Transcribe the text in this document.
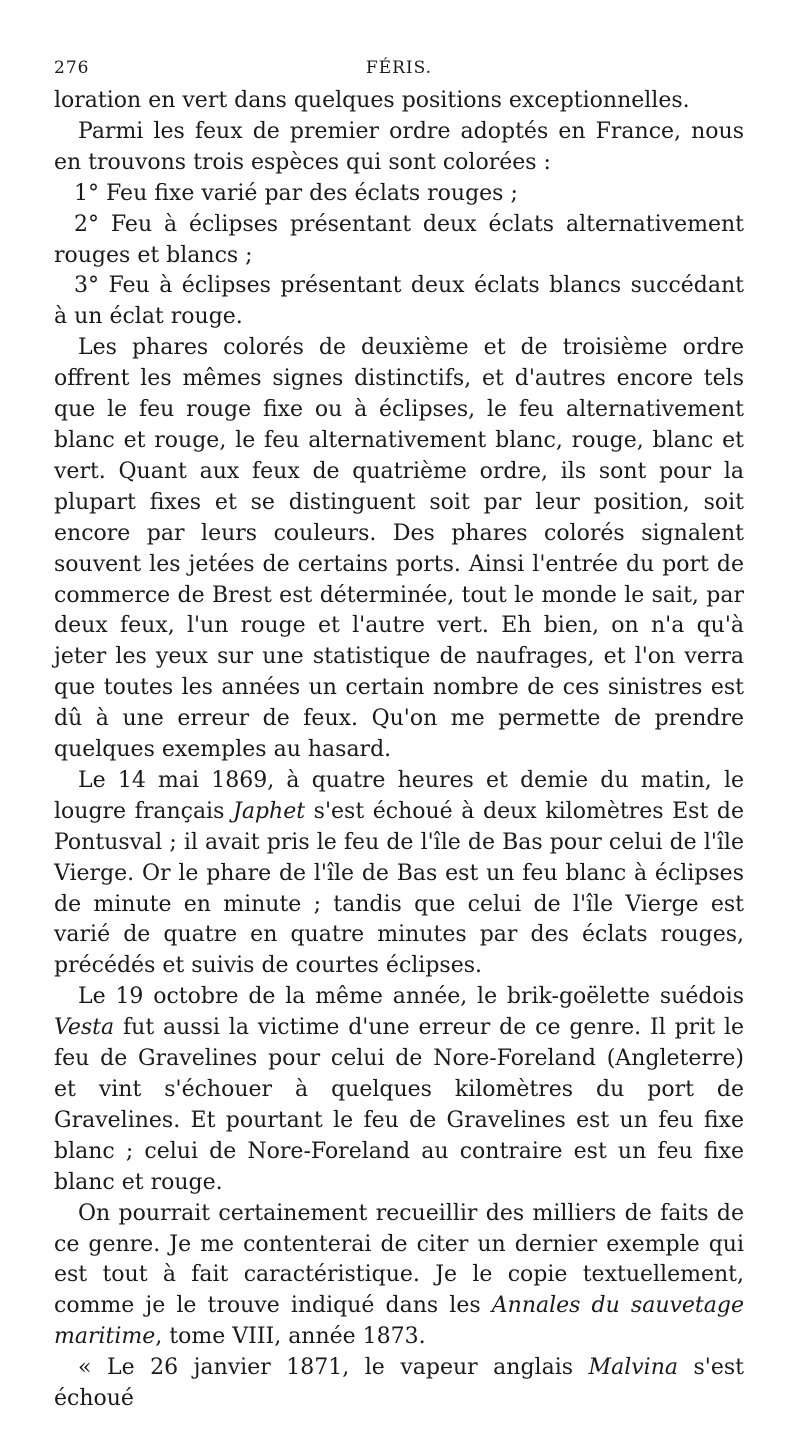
276	FÉRIS.

loration en vert dans quelques positions exceptionnelles.

Parmi les feux de premier ordre adoptés en France, nous en trouvons trois espèces qui sont colorées :

1° Feu fixe varié par des éclats rouges ;

2° Feu à éclipses présentant deux éclats alternativement rouges et blancs ;

3° Feu à éclipses présentant deux éclats blancs succédant à un éclat rouge.

Les phares colorés de deuxième et de troisième ordre offrent les mêmes signes distinctifs, et d'autres encore tels que le feu rouge fixe ou à éclipses, le feu alternativement blanc et rouge, le feu alternativement blanc, rouge, blanc et vert. Quant aux feux de quatrième ordre, ils sont pour la plupart fixes et se distinguent soit par leur position, soit encore par leurs couleurs. Des phares colorés signalent souvent les jetées de certains ports. Ainsi l'entrée du port de commerce de Brest est déterminée, tout le monde le sait, par deux feux, l'un rouge et l'autre vert. Eh bien, on n'a qu'à jeter les yeux sur une statistique de naufrages, et l'on verra que toutes les années un certain nombre de ces sinistres est dû à une erreur de feux. Qu'on me permette de prendre quelques exemples au hasard.

Le 14 mai 1869, à quatre heures et demie du matin, le lougre français Japhet s'est échoué à deux kilomètres Est de Pontusval ; il avait pris le feu de l'île de Bas pour celui de l'île Vierge. Or le phare de l'île de Bas est un feu blanc à éclipses de minute en minute ; tandis que celui de l'île Vierge est varié de quatre en quatre minutes par des éclats rouges, précédés et suivis de courtes éclipses.

Le 19 octobre de la même année, le brik-goëlette suédois Vesta fut aussi la victime d'une erreur de ce genre. Il prit le feu de Gravelines pour celui de Nore-Foreland (Angleterre) et vint s'échouer à quelques kilomètres du port de Gravelines. Et pourtant le feu de Gravelines est un feu fixe blanc ; celui de Nore-Foreland au contraire est un feu fixe blanc et rouge.

On pourrait certainement recueillir des milliers de faits de ce genre. Je me contenterai de citer un dernier exemple qui est tout à fait caractéristique. Je le copie textuellement, comme je le trouve indiqué dans les Annales du sauvetage maritime, tome VIII, année 1873.

« Le 26 janvier 1871, le vapeur anglais Malvina s'est échoué
